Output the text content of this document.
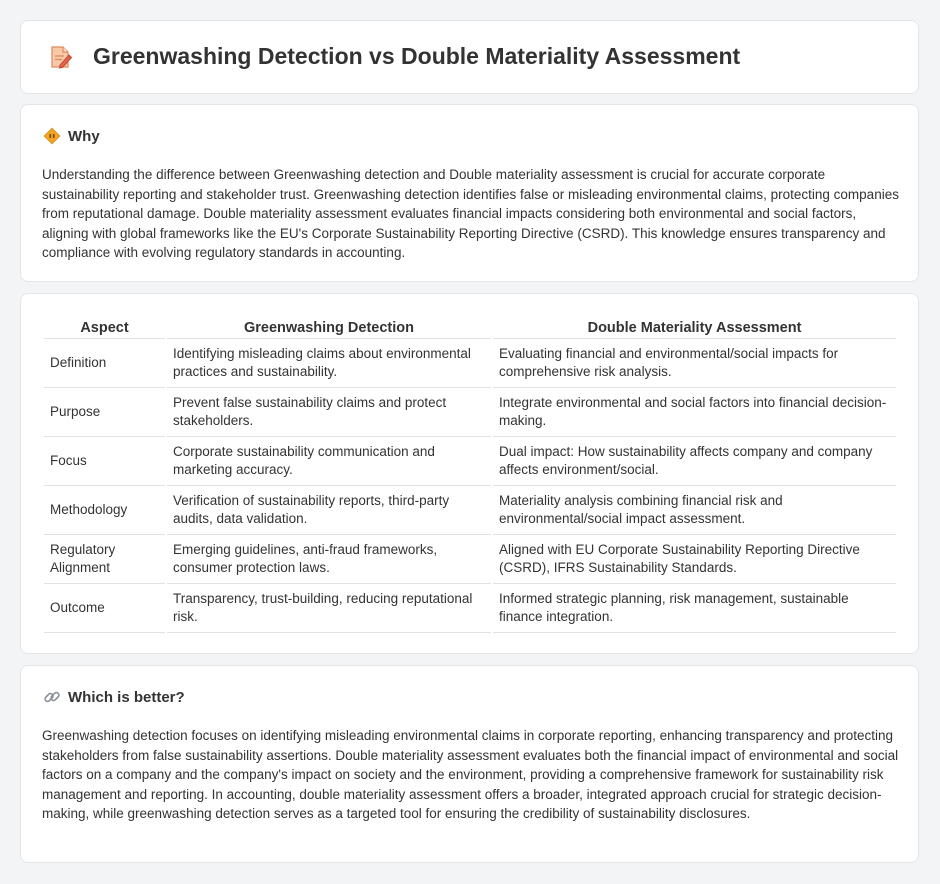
Greenwashing Detection vs Double Materiality Assessment
Why

Understanding the difference between Greenwashing detection and Double materiality assessment is crucial for accurate corporate sustainability reporting and stakeholder trust. Greenwashing detection identifies false or misleading environmental claims, protecting companies from reputational damage. Double materiality assessment evaluates financial impacts considering both environmental and social factors, aligning with global frameworks like the EU's Corporate Sustainability Reporting Directive (CSRD). This knowledge ensures transparency and compliance with evolving regulatory standards in accounting.

Aspect	Greenwashing Detection	Double Materiality Assessment
Definition	Identifying misleading claims about environmental practices and sustainability.	Evaluating financial and environmental/social impacts for comprehensive risk analysis.
Purpose	Prevent false sustainability claims and protect stakeholders.	Integrate environmental and social factors into financial decision-making.
Focus	Corporate sustainability communication and marketing accuracy.	Dual impact: How sustainability affects company and company affects environment/social.
Methodology	Verification of sustainability reports, third-party audits, data validation.	Materiality analysis combining financial risk and environmental/social impact assessment.
Regulatory Alignment	Emerging guidelines, anti-fraud frameworks, consumer protection laws.	Aligned with EU Corporate Sustainability Reporting Directive (CSRD), IFRS Sustainability Standards.
Outcome	Transparency, trust-building, reducing reputational risk.	Informed strategic planning, risk management, sustainable finance integration.
Which is better?

Greenwashing detection focuses on identifying misleading environmental claims in corporate reporting, enhancing transparency and protecting stakeholders from false sustainability assertions. Double materiality assessment evaluates both the financial impact of environmental and social factors on a company and the company's impact on society and the environment, providing a comprehensive framework for sustainability risk management and reporting. In accounting, double materiality assessment offers a broader, integrated approach crucial for strategic decision-making, while greenwashing detection serves as a targeted tool for ensuring the credibility of sustainability disclosures.
